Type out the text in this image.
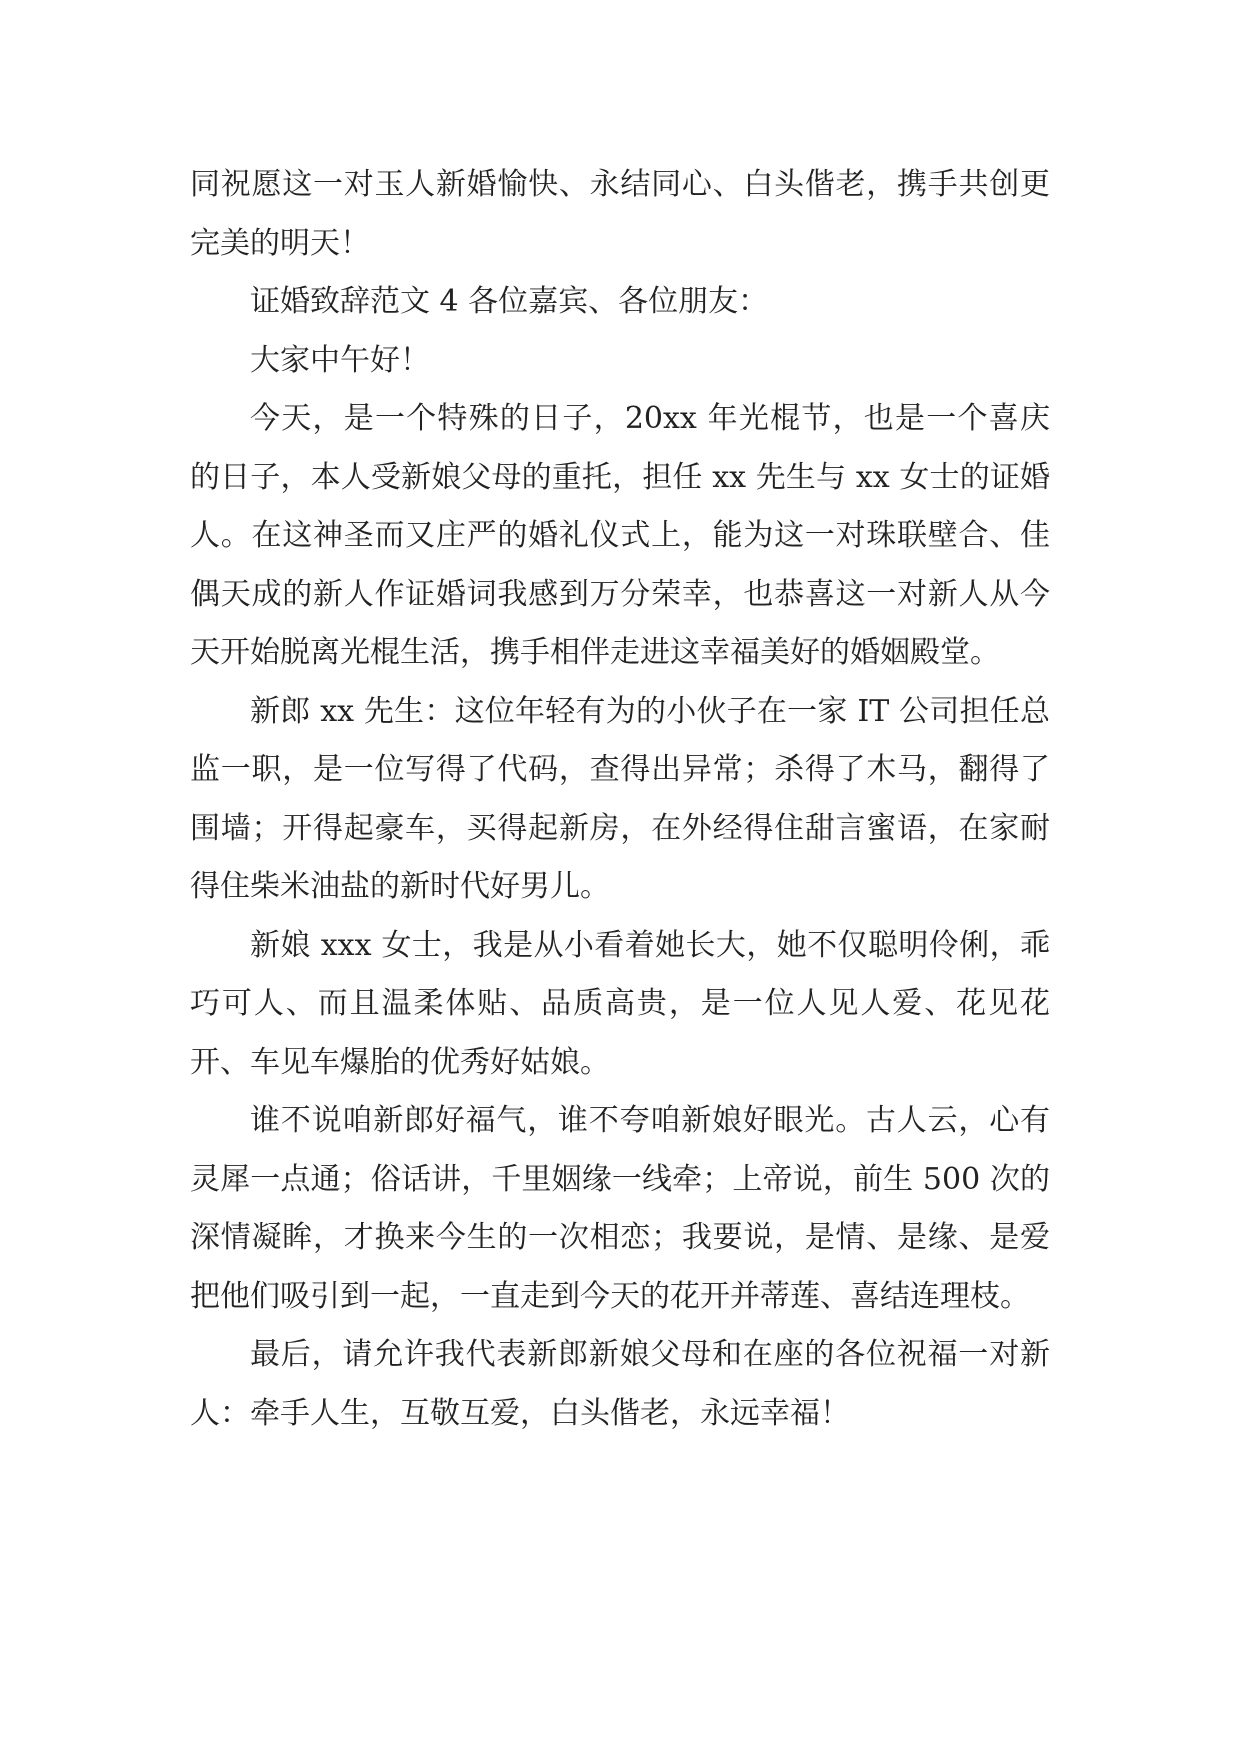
同祝愿这一对玉人新婚愉快、永结同心、白头偕老，携手共创更完美的明天！

证婚致辞范文 4 各位嘉宾、各位朋友：

大家中午好！

今天，是一个特殊的日子，20xx 年光棍节，也是一个喜庆的日子，本人受新娘父母的重托，担任 xx 先生与 xx 女士的证婚人。在这神圣而又庄严的婚礼仪式上，能为这一对珠联壁合、佳偶天成的新人作证婚词我感到万分荣幸，也恭喜这一对新人从今天开始脱离光棍生活，携手相伴走进这幸福美好的婚姻殿堂。

新郎 xx 先生：这位年轻有为的小伙子在一家 IT 公司担任总监一职，是一位写得了代码，查得出异常；杀得了木马，翻得了围墙；开得起豪车，买得起新房，在外经得住甜言蜜语，在家耐得住柴米油盐的新时代好男儿。

新娘 xxx 女士，我是从小看着她长大，她不仅聪明伶俐，乖巧可人、而且温柔体贴、品质高贵，是一位人见人爱、花见花开、车见车爆胎的优秀好姑娘。

谁不说咱新郎好福气，谁不夸咱新娘好眼光。古人云，心有灵犀一点通；俗话讲，千里姻缘一线牵；上帝说，前生 500 次的深情凝眸，才换来今生的一次相恋；我要说，是情、是缘、是爱把他们吸引到一起，一直走到今天的花开并蒂莲、喜结连理枝。

最后，请允许我代表新郎新娘父母和在座的各位祝福一对新人：牵手人生，互敬互爱，白头偕老，永远幸福！
